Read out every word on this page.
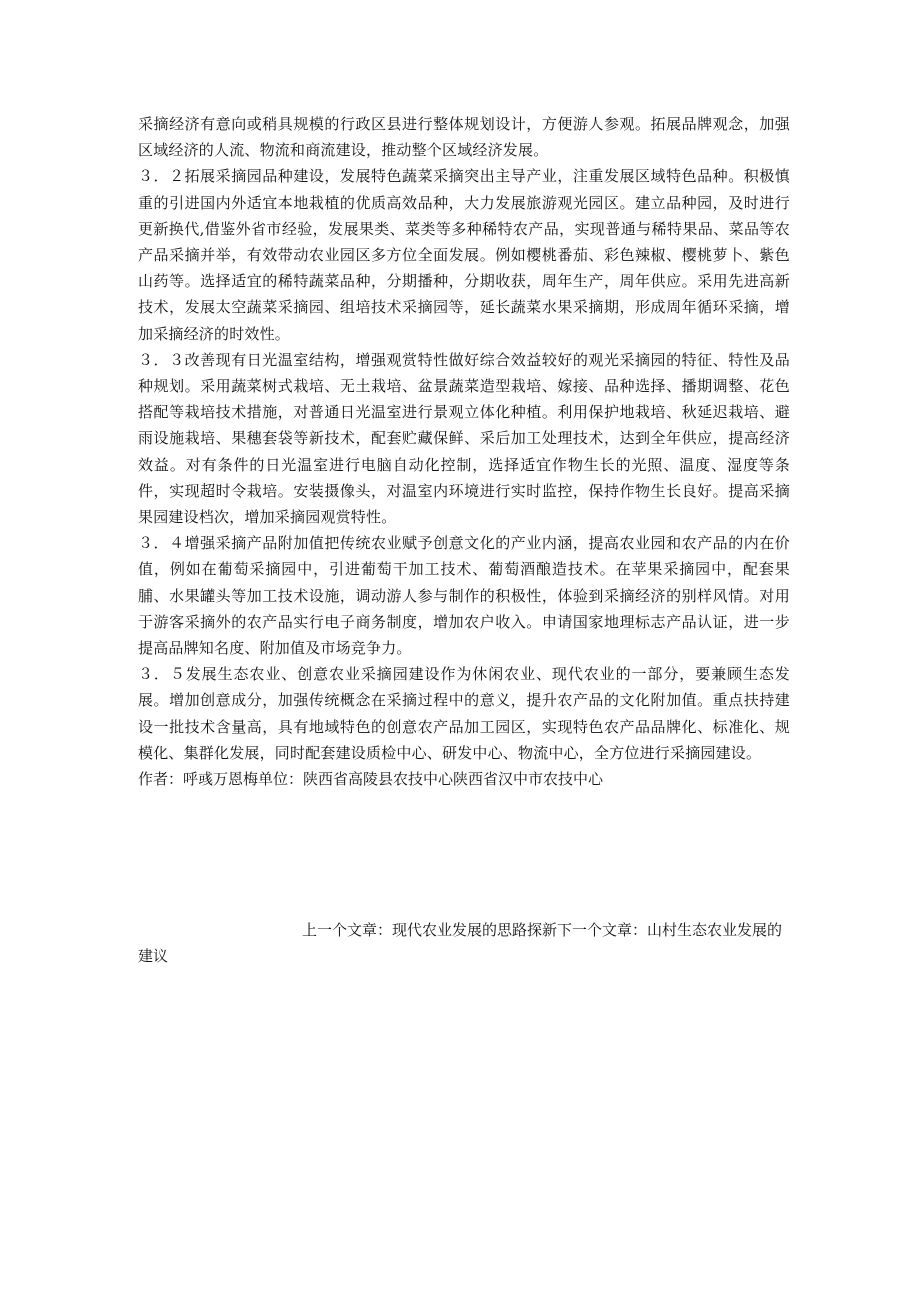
采摘经济有意向或稍具规模的行政区县进行整体规划设计，方便游人参观。拓展品牌观念，加强区域经济的人流、物流和商流建设，推动整个区域经济发展。

３．２拓展采摘园品种建设，发展特色蔬菜采摘突出主导产业，注重发展区域特色品种。积极慎重的引进国内外适宜本地栽植的优质高效品种，大力发展旅游观光园区。建立品种园，及时进行更新换代,借鉴外省市经验，发展果类、菜类等多种稀特农产品，实现普通与稀特果品、菜品等农产品采摘并举，有效带动农业园区多方位全面发展。例如樱桃番茄、彩色辣椒、樱桃萝卜、紫色山药等。选择适宜的稀特蔬菜品种，分期播种，分期收获，周年生产，周年供应。采用先进高新技术，发展太空蔬菜采摘园、组培技术采摘园等，延长蔬菜水果采摘期，形成周年循环采摘，增加采摘经济的时效性。

３．３改善现有日光温室结构，增强观赏特性做好综合效益较好的观光采摘园的特征、特性及品种规划。采用蔬菜树式栽培、无土栽培、盆景蔬菜造型栽培、嫁接、品种选择、播期调整、花色搭配等栽培技术措施，对普通日光温室进行景观立体化种植。利用保护地栽培、秋延迟栽培、避雨设施栽培、果穗套袋等新技术，配套贮藏保鲜、采后加工处理技术，达到全年供应，提高经济效益。对有条件的日光温室进行电脑自动化控制，选择适宜作物生长的光照、温度、湿度等条件，实现超时令栽培。安装摄像头，对温室内环境进行实时监控，保持作物生长良好。提高采摘果园建设档次，增加采摘园观赏特性。

３．４增强采摘产品附加值把传统农业赋予创意文化的产业内涵，提高农业园和农产品的内在价值，例如在葡萄采摘园中，引进葡萄干加工技术、葡萄酒酿造技术。在苹果采摘园中，配套果脯、水果罐头等加工技术设施，调动游人参与制作的积极性，体验到采摘经济的别样风情。对用于游客采摘外的农产品实行电子商务制度，增加农户收入。申请国家地理标志产品认证，进一步提高品牌知名度、附加值及市场竞争力。

３．５发展生态农业、创意农业采摘园建设作为休闲农业、现代农业的一部分，要兼顾生态发展。增加创意成分，加强传统概念在采摘过程中的意义，提升农产品的文化附加值。重点扶持建设一批技术含量高，具有地域特色的创意农产品加工园区，实现特色农产品品牌化、标准化、规模化、集群化发展，同时配套建设质检中心、研发中心、物流中心，全方位进行采摘园建设。

作者：呼彧万恩梅单位：陕西省高陵县农技中心陕西省汉中市农技中心

上一个文章：现代农业发展的思路探新下一个文章：山村生态农业发展的建议
